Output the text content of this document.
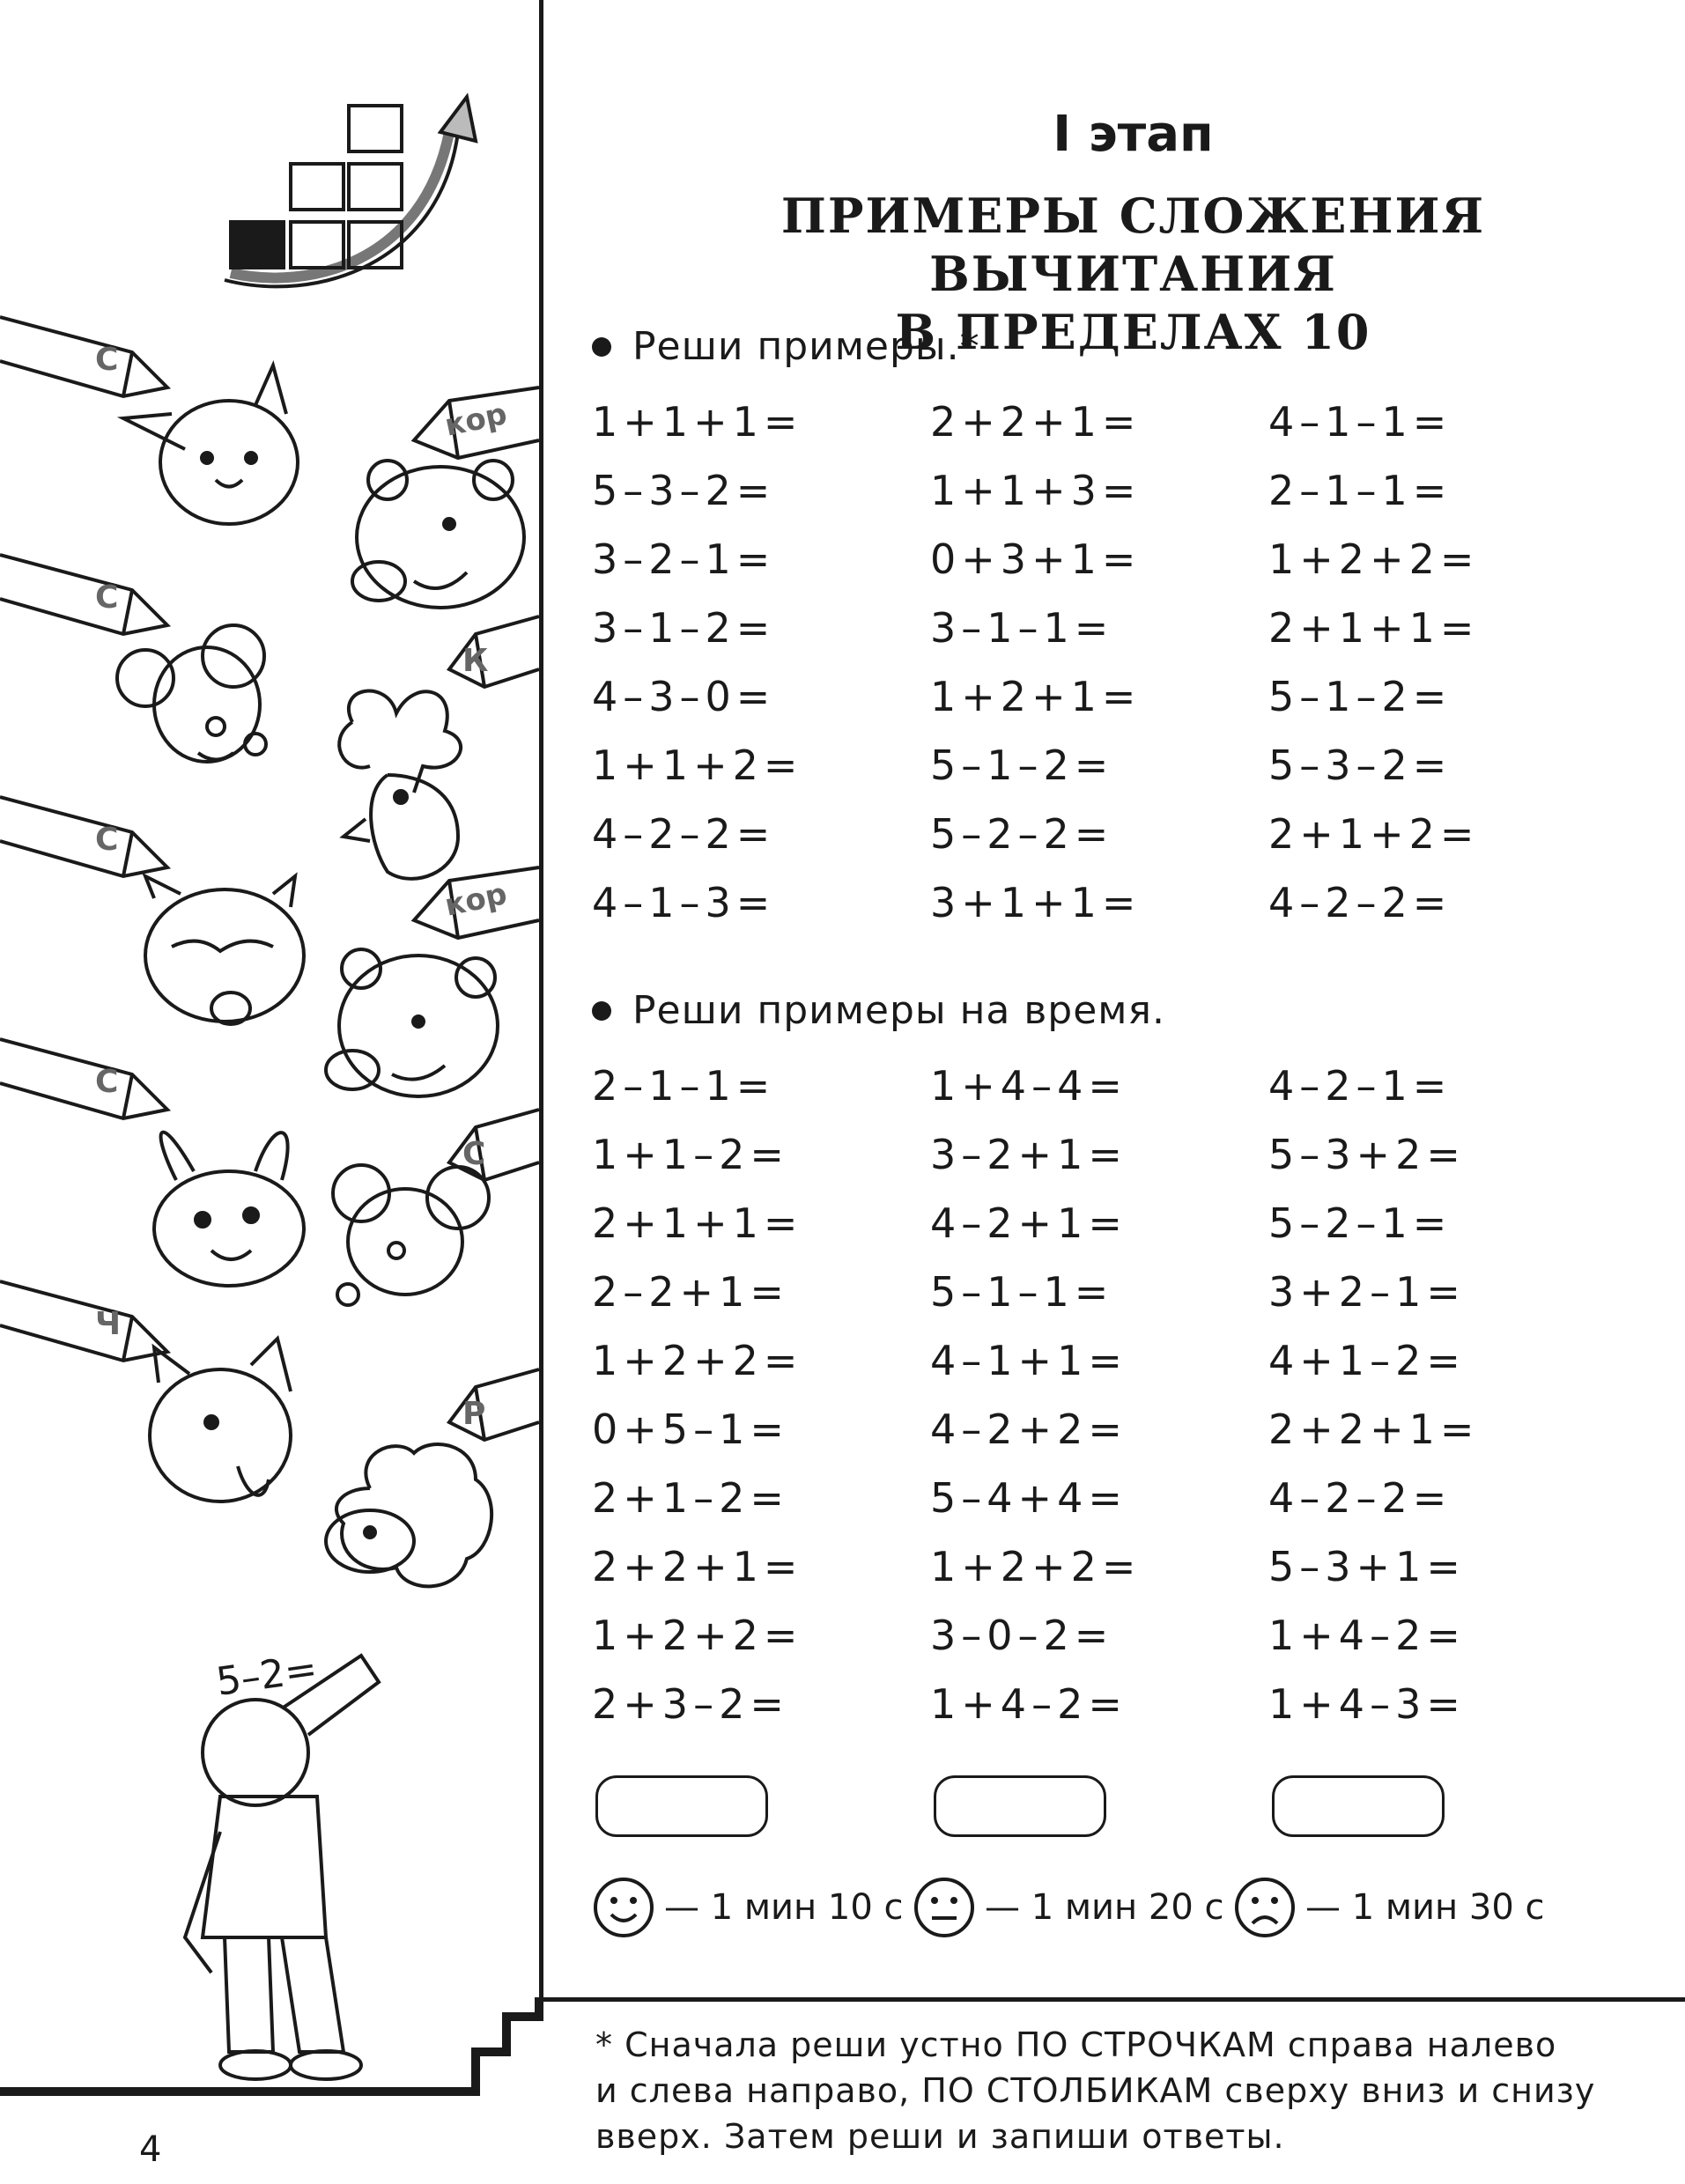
С
кор
С
К
С
кор
С
С
Ч
Р
5–2=
I этап
ПРИМЕРЫ СЛОЖЕНИЯ ВЫЧИТАНИЯ
В ПРЕДЕЛАХ 10
Реши примеры.*
1+1+1=	2+2+1=	4–1–1=
5–3–2=	1+1+3=	2–1–1=
3–2–1=	0+3+1=	1+2+2=
3–1–2=	3–1–1=	2+1+1=
4–3–0=	1+2+1=	5–1–2=
1+1+2=	5–1–2=	5–3–2=
4–2–2=	5–2–2=	2+1+2=
4–1–3=	3+1+1=	4–2–2=
Реши примеры на время.
2–1–1=	1+4–4=	4–2–1=
1+1–2=	3–2+1=	5–3+2=
2+1+1=	4–2+1=	5–2–1=
2–2+1=	5–1–1=	3+2–1=
1+2+2=	4–1+1=	4+1–2=
0+5–1=	4–2+2=	2+2+1=
2+1–2=	5–4+4=	4–2–2=
2+2+1=	1+2+2=	5–3+1=
1+2+2=	3–0–2=	1+4–2=
2+3–2=	1+4–2=	1+4–3=
— 1 мин 10 с — 1 мин 20 с — 1 мин 30 с
* Сначала реши устно ПО СТРОЧКАМ справа налево
и слева направо, ПО СТОЛБИКАМ сверху вниз и снизу
вверх. Затем реши и запиши ответы.
4
